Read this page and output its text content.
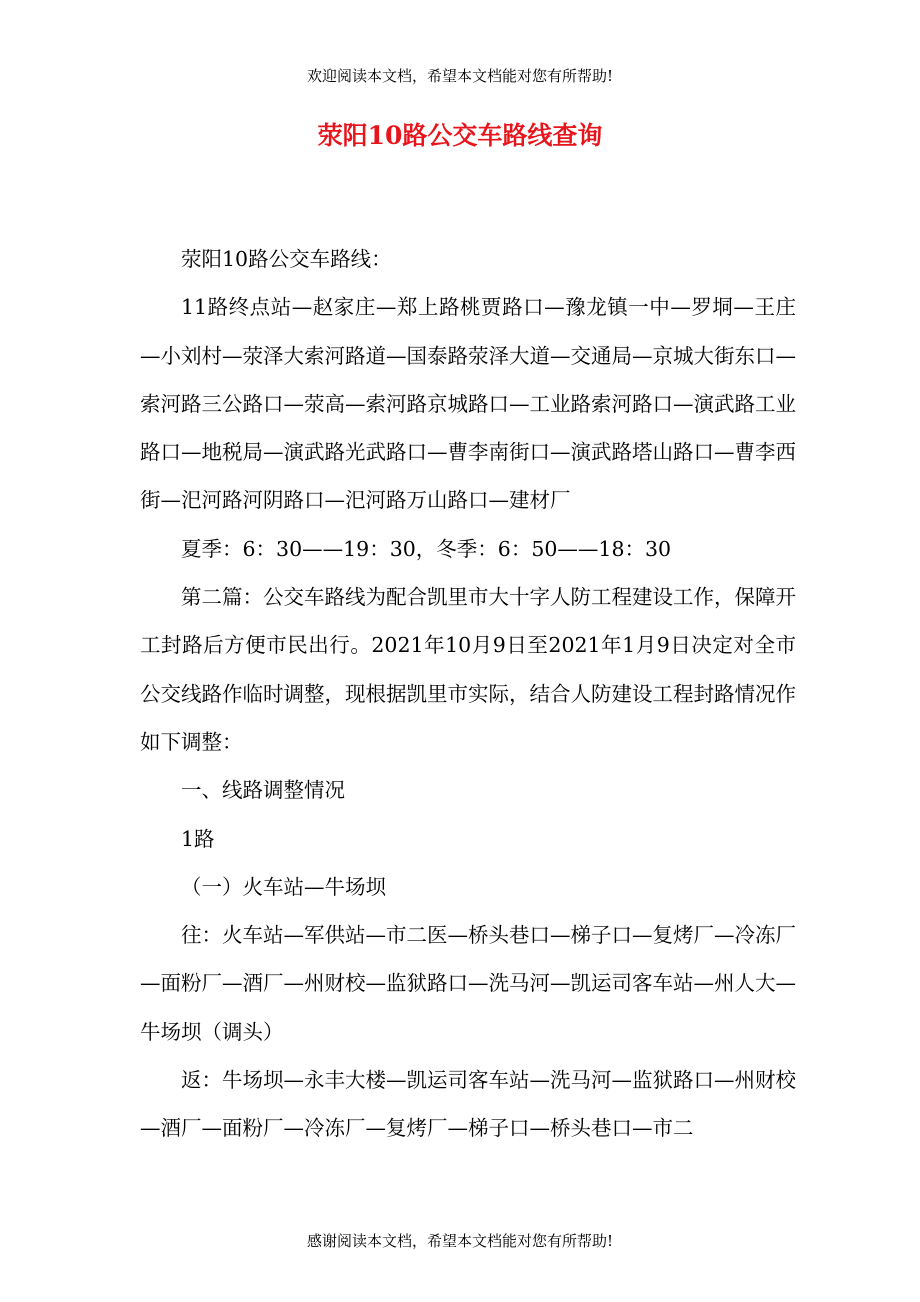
欢迎阅读本文档，希望本文档能对您有所帮助!
荥阳10路公交车路线查询

荥阳10路公交车路线：

11路终点站—赵家庄—郑上路桃贾路口—豫龙镇一中—罗垌—王庄—小刘村—荥泽大索河路道—国泰路荥泽大道—交通局—京城大街东口—索河路三公路口—荥高—索河路京城路口—工业路索河路口—演武路工业路口—地税局—演武路光武路口—曹李南街口—演武路塔山路口—曹李西街—汜河路河阴路口—汜河路万山路口—建材厂

夏季：6：30——19：30，冬季：6：50——18：30

第二篇：公交车路线为配合凯里市大十字人防工程建设工作，保障开工封路后方便市民出行。2021年10月9日至2021年1月9日决定对全市公交线路作临时调整，现根据凯里市实际，结合人防建设工程封路情况作如下调整：

一、线路调整情况

1路

（一）火车站—牛场坝

往：火车站—军供站—市二医—桥头巷口—梯子口—复烤厂—冷冻厂—面粉厂—酒厂—州财校—监狱路口—洗马河—凯运司客车站—州人大—牛场坝（调头）

返：牛场坝—永丰大楼—凯运司客车站—洗马河—监狱路口—州财校—酒厂—面粉厂—冷冻厂—复烤厂—梯子口—桥头巷口—市二

感谢阅读本文档，希望本文档能对您有所帮助!
